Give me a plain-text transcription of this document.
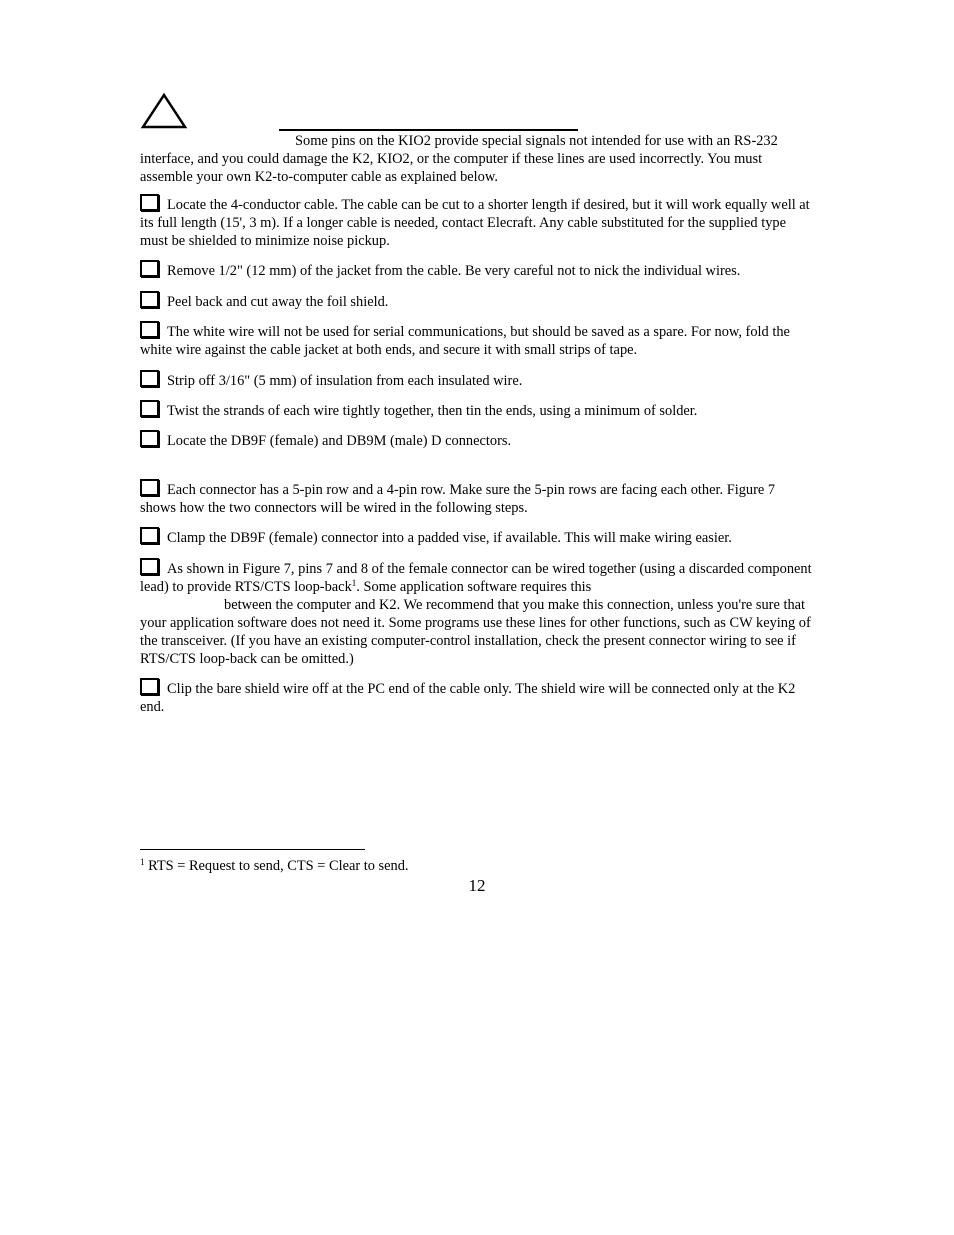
Some pins on the KIO2 provide special signals not intended for use with an RS-232 interface, and you could damage the K2, KIO2, or the computer if these lines are used incorrectly. You must assemble your own K2-to-computer cable as explained below.

Locate the 4-conductor cable. The cable can be cut to a shorter length if desired, but it will work equally well at its full length (15', 3 m). If a longer cable is needed, contact Elecraft. Any cable substituted for the supplied type must be shielded to minimize noise pickup.

Remove 1/2" (12 mm) of the jacket from the cable. Be very careful not to nick the individual wires.

Peel back and cut away the foil shield.

The white wire will not be used for serial communications, but should be saved as a spare. For now, fold the white wire against the cable jacket at both ends, and secure it with small strips of tape.

Strip off 3/16" (5 mm) of insulation from each insulated wire.

Twist the strands of each wire tightly together, then tin the ends, using a minimum of solder.

Locate the DB9F (female) and DB9M (male) D connectors.

Each connector has a 5-pin row and a 4-pin row. Make sure the 5-pin rows are facing each other. Figure 7 shows how the two connectors will be wired in the following steps.

Clamp the DB9F (female) connector into a padded vise, if available. This will make wiring easier.

As shown in Figure 7, pins 7 and 8 of the female connector can be wired together (using a discarded component lead) to provide RTS/CTS loop-back$^1$. Some application software requires this
between the computer and K2. We recommend that you make this connection, unless you're sure that your application software does not need it. Some programs use these lines for other functions, such as CW keying of the transceiver. (If you have an existing computer-control installation, check the present connector wiring to see if RTS/CTS loop-back can be omitted.)

Clip the bare shield wire off at the PC end of the cable only. The shield wire will be connected only at the K2 end.

$^1$ RTS = Request to send, CTS = Clear to send.

12
